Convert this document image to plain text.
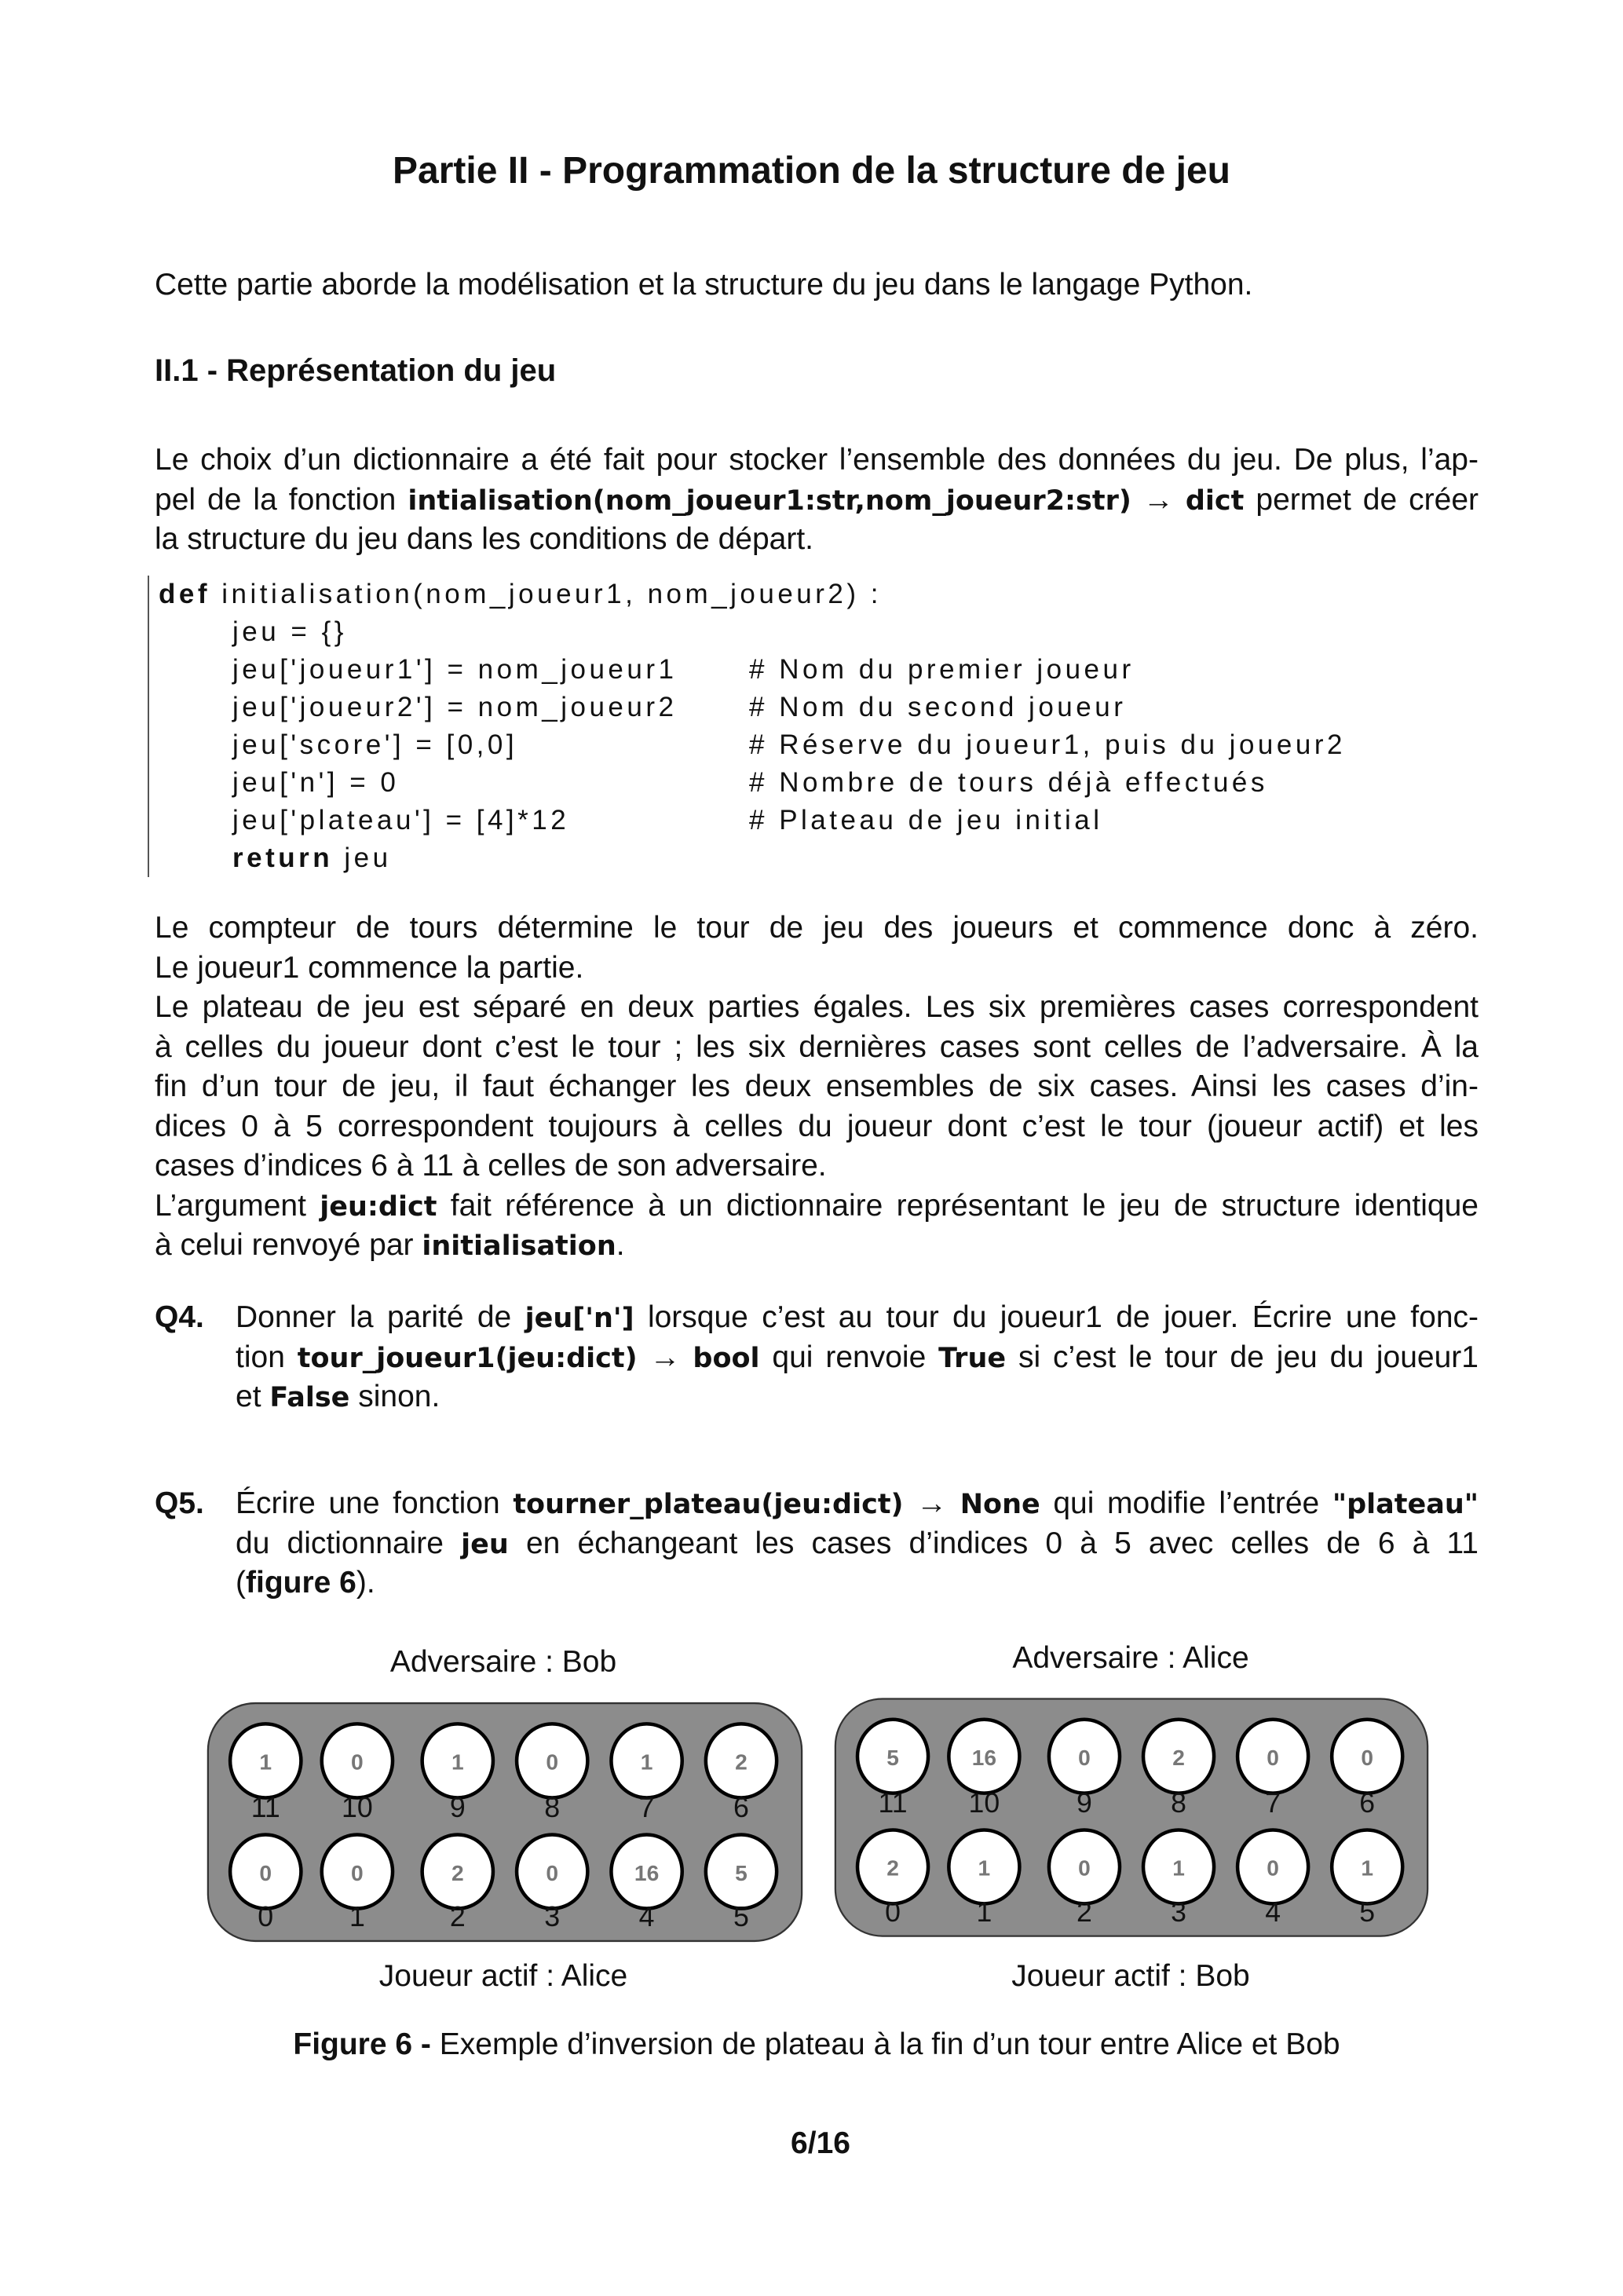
Partie II - Programmation de la structure de jeu
Cette partie aborde la modélisation et la structure du jeu dans le langage Python.
II.1 - Représentation du jeu
Le choix d’un dictionnaire a été fait pour stocker l’ensemble des données du jeu. De plus, l’ap-
pel de la fonction intialisation(nom_joueur1:str,nom_joueur2:str) → dict permet de créer
la structure du jeu dans les conditions de départ.
def initialisation(nom_joueur1, nom_joueur2) :
jeu = {}
jeu['joueur1'] = nom_joueur1	# Nom du premier joueur
jeu['joueur2'] = nom_joueur2	# Nom du second joueur
jeu['score'] = [0,0]	# Réserve du joueur1, puis du joueur2
jeu['n'] = 0	# Nombre de tours déjà effectués
jeu['plateau'] = [4]*12	# Plateau de jeu initial
return jeu
Le compteur de tours détermine le tour de jeu des joueurs et commence donc à zéro.
Le joueur1 commence la partie.
Le plateau de jeu est séparé en deux parties égales. Les six premières cases correspondent
à celles du joueur dont c’est le tour ; les six dernières cases sont celles de l’adversaire. À la
fin d’un tour de jeu, il faut échanger les deux ensembles de six cases. Ainsi les cases d’in-
dices 0 à 5 correspondent toujours à celles du joueur dont c’est le tour (joueur actif) et les
cases d’indices 6 à 11 à celles de son adversaire.
L’argument jeu:dict fait référence à un dictionnaire représentant le jeu de structure identique
à celui renvoyé par initialisation.
Q4. Donner la parité de jeu['n'] lorsque c’est au tour du joueur1 de jouer. Écrire une fonc-
tion tour_joueur1(jeu:dict) → bool qui renvoie True si c’est le tour de jeu du joueur1
et False sinon.
Q5. Écrire une fonction tourner_plateau(jeu:dict) → None qui modifie l’entrée "plateau"
du dictionnaire jeu en échangeant les cases d’indices 0 à 5 avec celles de 6 à 11
(figure 6).
Adversaire : Bob	Adversaire : Alice
1
11
0
10
1
9
0
8
1
7
2
6
0
0
0
1
2
2
0
3
16
4
5
5
5
11
16
10
0
9
2
8
0
7
0
6
2
0
1
1
0
2
1
3
0
4
1
5
Joueur actif : Alice	Joueur actif : Bob
Figure 6 - Exemple d’inversion de plateau à la fin d’un tour entre Alice et Bob
6/16
